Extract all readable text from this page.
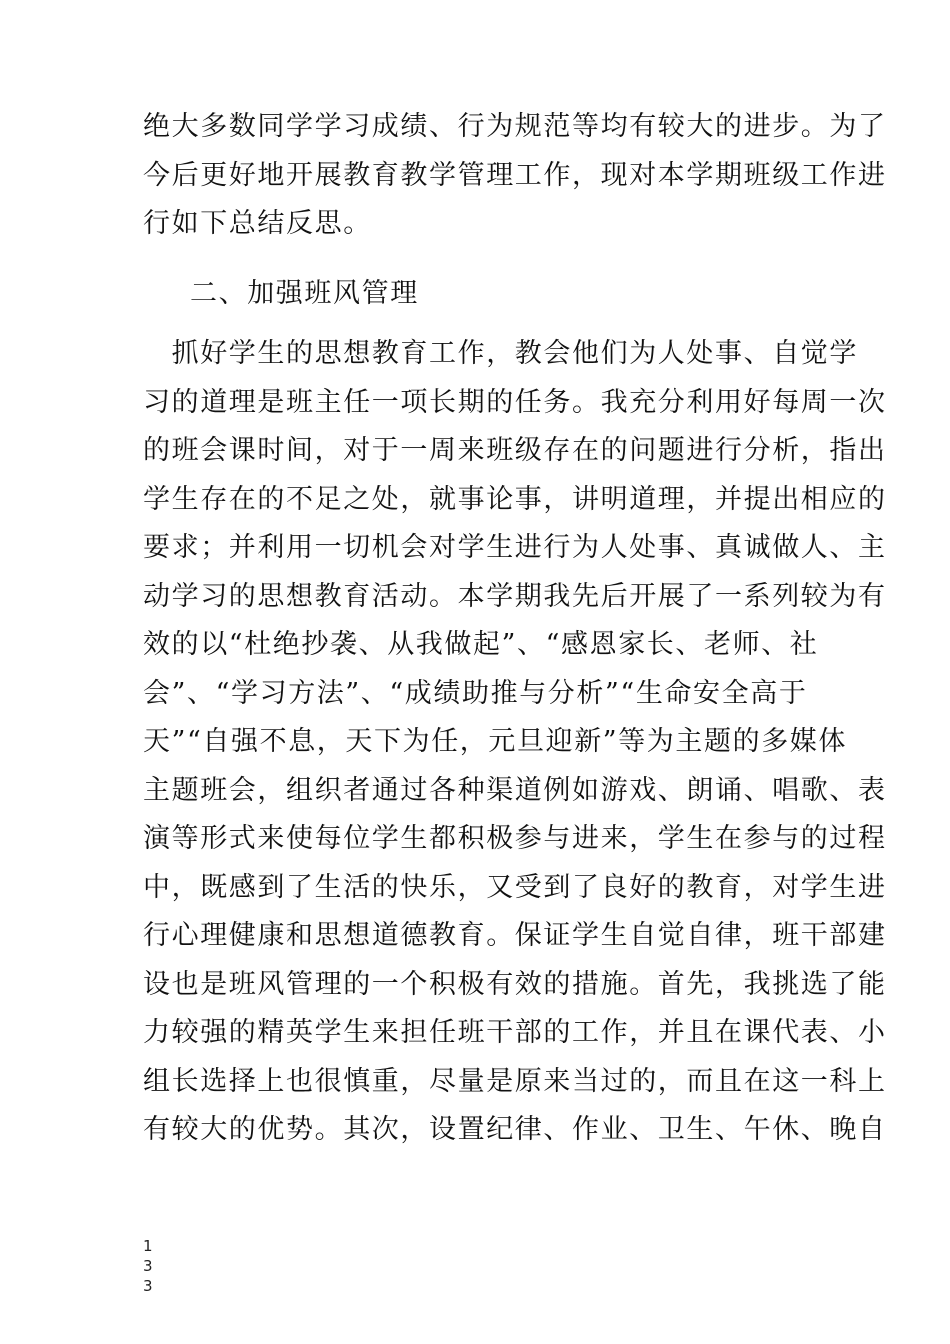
绝大多数同学学习成绩、行为规范等均有较大的进步。为了
今后更好地开展教育教学管理工作，现对本学期班级工作进
行如下总结反思。
二、加强班风管理
　抓好学生的思想教育工作，教会他们为人处事、自觉学
习的道理是班主任一项长期的任务。我充分利用好每周一次
的班会课时间，对于一周来班级存在的问题进行分析，指出
学生存在的不足之处，就事论事，讲明道理，并提出相应的
要求；并利用一切机会对学生进行为人处事、真诚做人、主
动学习的思想教育活动。本学期我先后开展了一系列较为有
效的以“杜绝抄袭、从我做起”、“感恩家长、老师、社
会”、“学习方法”、“成绩助推与分析”“生命安全高于
天”“自强不息，天下为任，元旦迎新”等为主题的多媒体
主题班会，组织者通过各种渠道例如游戏、朗诵、唱歌、表
演等形式来使每位学生都积极参与进来，学生在参与的过程
中，既感到了生活的快乐，又受到了良好的教育，对学生进
行心理健康和思想道德教育。保证学生自觉自律，班干部建
设也是班风管理的一个积极有效的措施。首先，我挑选了能
力较强的精英学生来担任班干部的工作，并且在课代表、小
组长选择上也很慎重，尽量是原来当过的，而且在这一科上
有较大的优势。其次，设置纪律、作业、卫生、午休、晚自
1 3
3
